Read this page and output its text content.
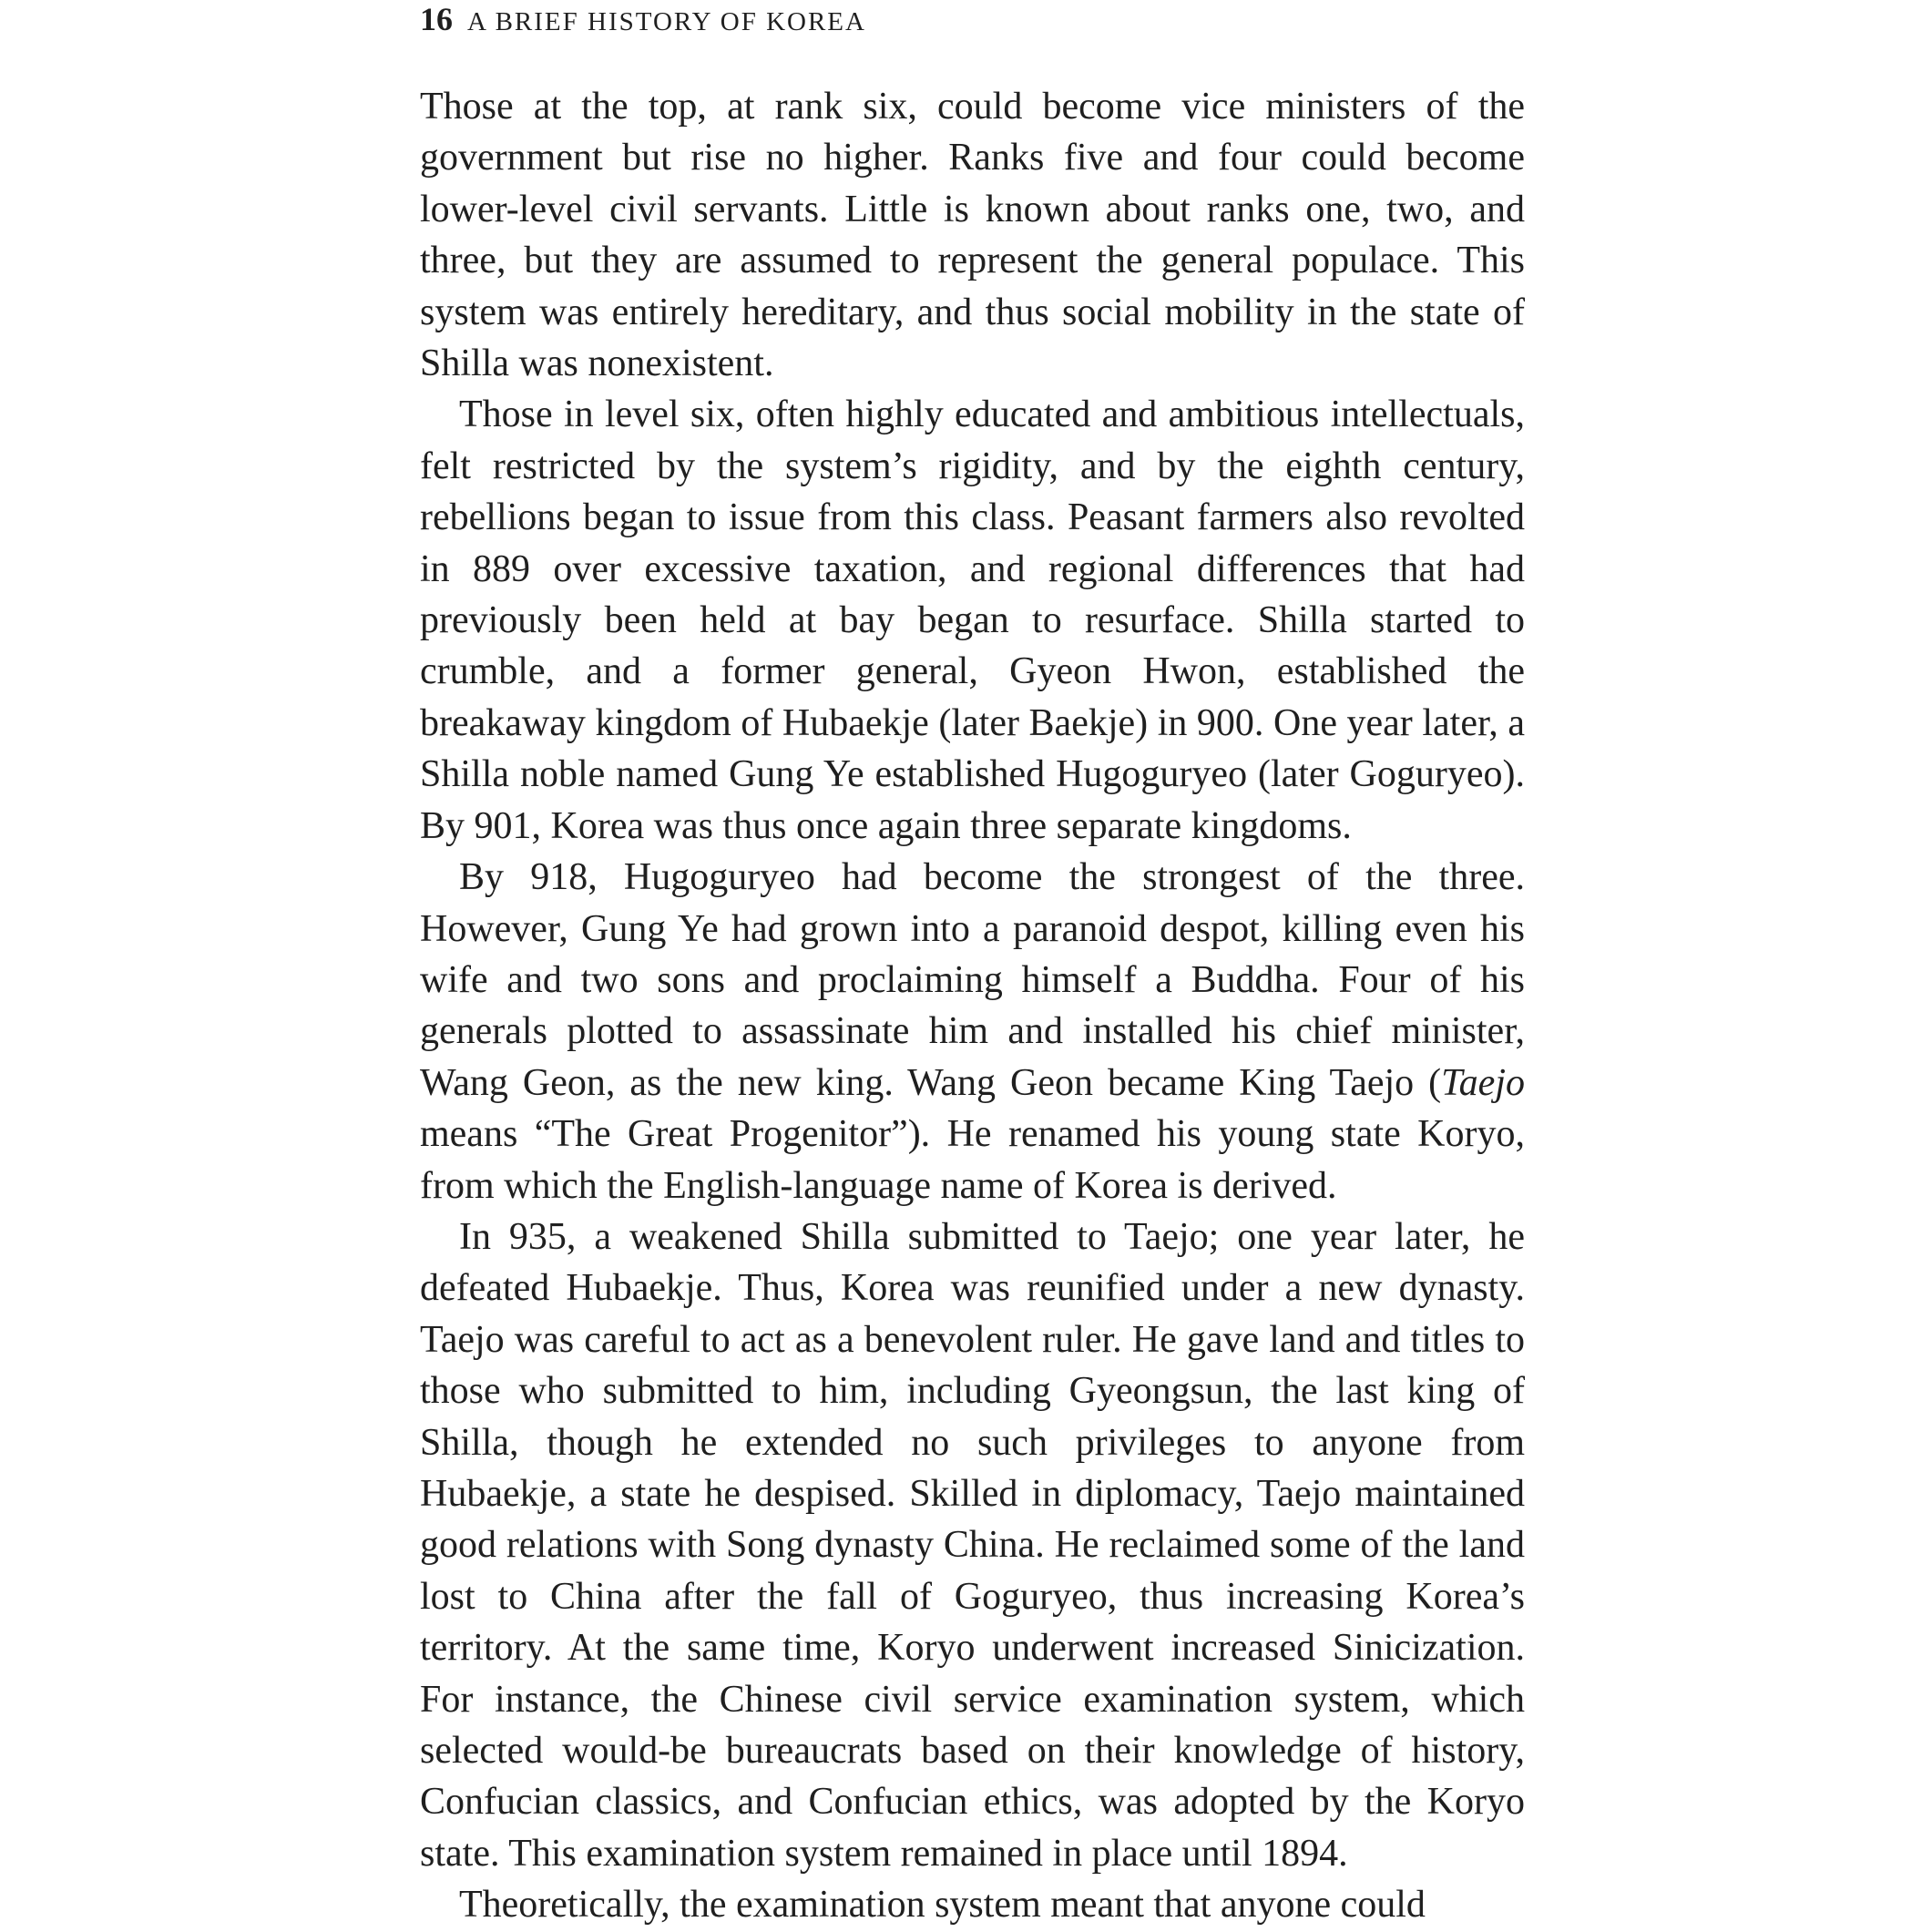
16 A BRIEF HISTORY OF KOREA

Those at the top, at rank six, could become vice ministers of the government but rise no higher. Ranks five and four could become lower-level civil servants. Little is known about ranks one, two, and three, but they are assumed to represent the general populace. This system was entirely hereditary, and thus social mobility in the state of Shilla was nonexistent.

Those in level six, often highly educated and ambitious intellectuals, felt restricted by the system’s rigidity, and by the eighth century, rebellions began to issue from this class. Peasant farmers also revolted in 889 over excessive taxation, and regional differences that had previously been held at bay began to resurface. Shilla started to crumble, and a former general, Gyeon Hwon, established the breakaway kingdom of Hubaekje (later Baekje) in 900. One year later, a Shilla noble named Gung Ye established Hugoguryeo (later Goguryeo). By 901, Korea was thus once again three separate kingdoms.

By 918, Hugoguryeo had become the strongest of the three. However, Gung Ye had grown into a paranoid despot, killing even his wife and two sons and proclaiming himself a Buddha. Four of his generals plotted to assassinate him and installed his chief minister, Wang Geon, as the new king. Wang Geon became King Taejo (Taejo means “The Great Progenitor”). He renamed his young state Koryo, from which the English-language name of Korea is derived.

In 935, a weakened Shilla submitted to Taejo; one year later, he defeated Hubaekje. Thus, Korea was reunified under a new dynasty. Taejo was careful to act as a benevolent ruler. He gave land and titles to those who submitted to him, including Gyeongsun, the last king of Shilla, though he extended no such privileges to anyone from Hubaekje, a state he despised. Skilled in diplomacy, Taejo maintained good relations with Song dynasty China. He reclaimed some of the land lost to China after the fall of Goguryeo, thus increasing Korea’s territory. At the same time, Koryo underwent increased Sinicization. For instance, the Chinese civil service examination system, which selected would-be bureaucrats based on their knowledge of history, Confucian classics, and Confucian ethics, was adopted by the Koryo state. This examination system remained in place until 1894.

Theoretically, the examination system meant that anyone could
